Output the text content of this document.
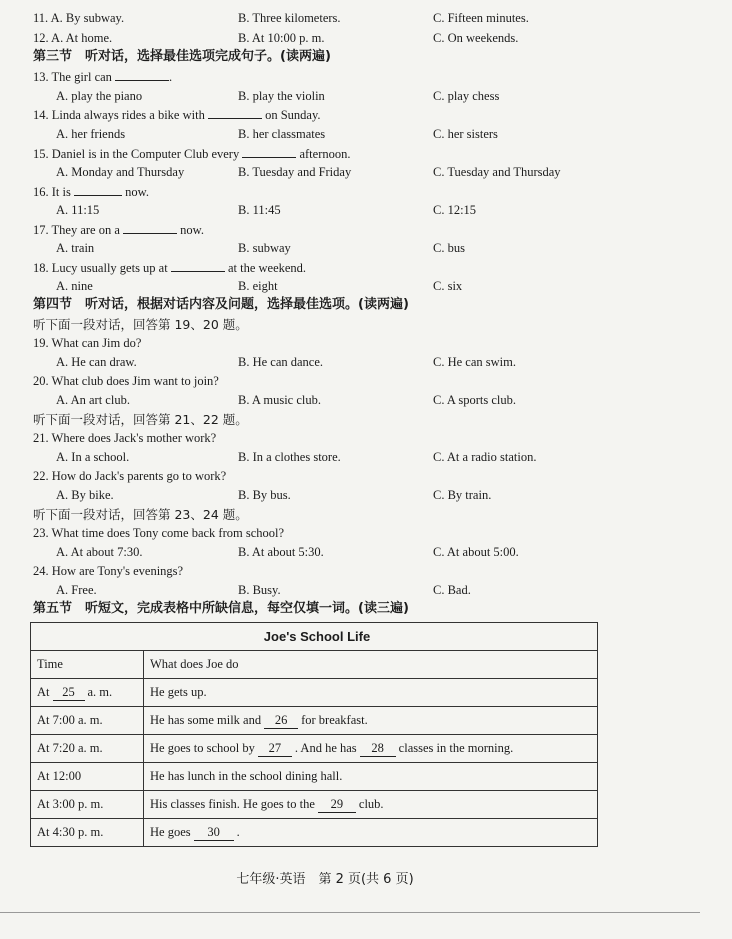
11. A. By subway.	B. Three kilometers.	C. Fifteen minutes.
12. A. At home.	B. At 10:00 p. m.	C. On weekends.
第三节　听对话，选择最佳选项完成句子。(读两遍)
13. The girl can	.
A. play the piano	B. play the violin	C. play chess
14. Linda always rides a bike with	on Sunday.
A. her friends	B. her classmates	C. her sisters
15. Daniel is in the Computer Club every	afternoon.
A. Monday and Thursday	B. Tuesday and Friday	C. Tuesday and Thursday
16. It is	now.
A. 11:15	B. 11:45	C. 12:15
17. They are on a	now.
A. train	B. subway	C. bus
18. Lucy usually gets up at	at the weekend.
A. nine	B. eight	C. six
第四节　听对话，根据对话内容及问题，选择最佳选项。(读两遍)
听下面一段对话，回答第 19、20 题。
19. What can Jim do?
A. He can draw.	B. He can dance.	C. He can swim.
20. What club does Jim want to join?
A. An art club.	B. A music club.	C. A sports club.
听下面一段对话，回答第 21、22 题。
21. Where does Jack's mother work?
A. In a school.	B. In a clothes store.	C. At a radio station.
22. How do Jack's parents go to work?
A. By bike.	B. By bus.	C. By train.
听下面一段对话，回答第 23、24 题。
23. What time does Tony come back from school?
A. At about 7:30.	B. At about 5:30.	C. At about 5:00.
24. How are Tony's evenings?
A. Free.	B. Busy.	C. Bad.
第五节　听短文，完成表格中所缺信息，每空仅填一词。(读三遍)
Joe's School Life	
Time	What does Joe do
At 25 a. m.	He gets up.
At 7:00 a. m.	He has some milk and 26 for breakfast.
At 7:20 a. m.	He goes to school by 27 . And he has 28 classes in the morning.
At 12:00	He has lunch in the school dining hall.
At 3:00 p. m.	His classes finish. He goes to the 29 club.
At 4:30 p. m.	He goes 30 .
七年级·英语　第 2 页(共 6 页)
